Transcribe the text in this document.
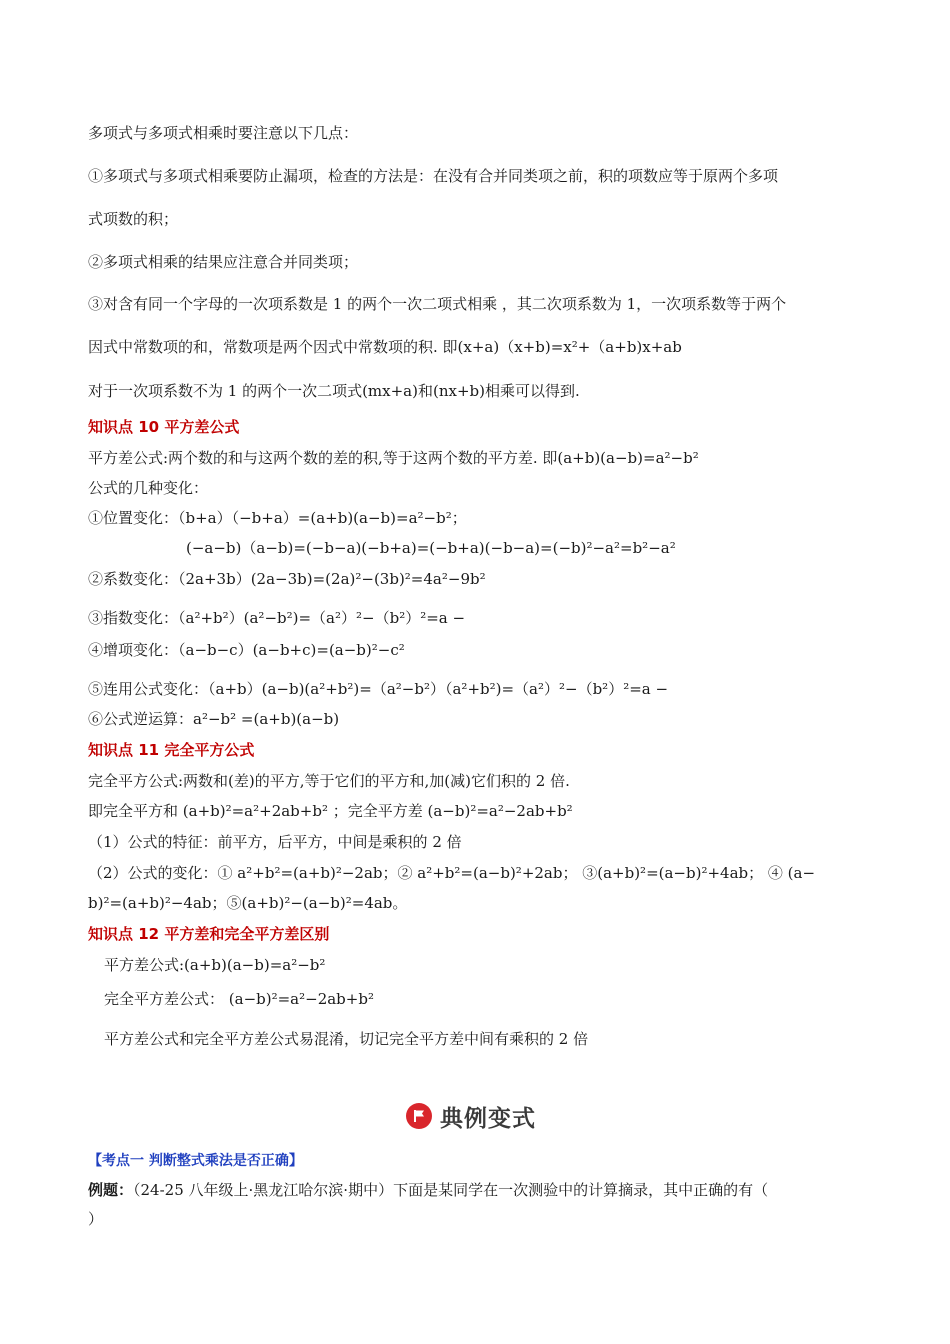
多项式与多项式相乘时要注意以下几点：
①多项式与多项式相乘要防止漏项，检查的方法是：在没有合并同类项之前，积的项数应等于原两个多项
式项数的积；
②多项式相乘的结果应注意合并同类项；
③对含有同一个字母的一次项系数是 1 的两个一次二项式相乘 ，其二次项系数为 1，一次项系数等于两个
因式中常数项的和，常数项是两个因式中常数项的积. 即(x+a)（x+b)=x²+（a+b)x+ab
对于一次项系数不为 1 的两个一次二项式(mx+a)和(nx+b)相乘可以得到.
知识点 10 平方差公式
平方差公式:两个数的和与这两个数的差的积,等于这两个数的平方差. 即(a+b)(a−b)=a²−b²
公式的几种变化：
①位置变化：（b+a）（−b+a）=(a+b)(a−b)=a²−b²；
(−a−b)（a−b)=(−b−a)(−b+a)=(−b+a)(−b−a)=(−b)²−a²=b²−a²
②系数变化：（2a+3b）(2a−3b)=(2a)²−(3b)²=4a²−9b²
③指数变化：（a²+b²）(a²−b²)=（a²）²−（b²）²=a −
④增项变化：（a−b−c）(a−b+c)=(a−b)²−c²
⑤连用公式变化：（a+b）(a−b)(a²+b²)=（a²−b²）（a²+b²)=（a²）²−（b²）²=a −
⑥公式逆运算：a²−b² =(a+b)(a−b)
知识点 11 完全平方公式
完全平方公式:两数和(差)的平方,等于它们的平方和,加(减)它们积的 2 倍.
即完全平方和 (a+b)²=a²+2ab+b² ；完全平方差 (a−b)²=a²−2ab+b²
（1）公式的特征：前平方，后平方，中间是乘积的 2 倍
（2）公式的变化：① a²+b²=(a+b)²−2ab；② a²+b²=(a−b)²+2ab； ③(a+b)²=(a−b)²+4ab； ④ (a−
b)²=(a+b)²−4ab；⑤(a+b)²−(a−b)²=4ab。
知识点 12 平方差和完全平方差区别
平方差公式:(a+b)(a−b)=a²−b²
完全平方差公式： (a−b)²=a²−2ab+b²
平方差公式和完全平方差公式易混淆，切记完全平方差中间有乘积的 2 倍
典例变式
【考点一 判断整式乘法是否正确】
例题：（24-25 八年级上·黑龙江哈尔滨·期中）下面是某同学在一次测验中的计算摘录，其中正确的有（
）
